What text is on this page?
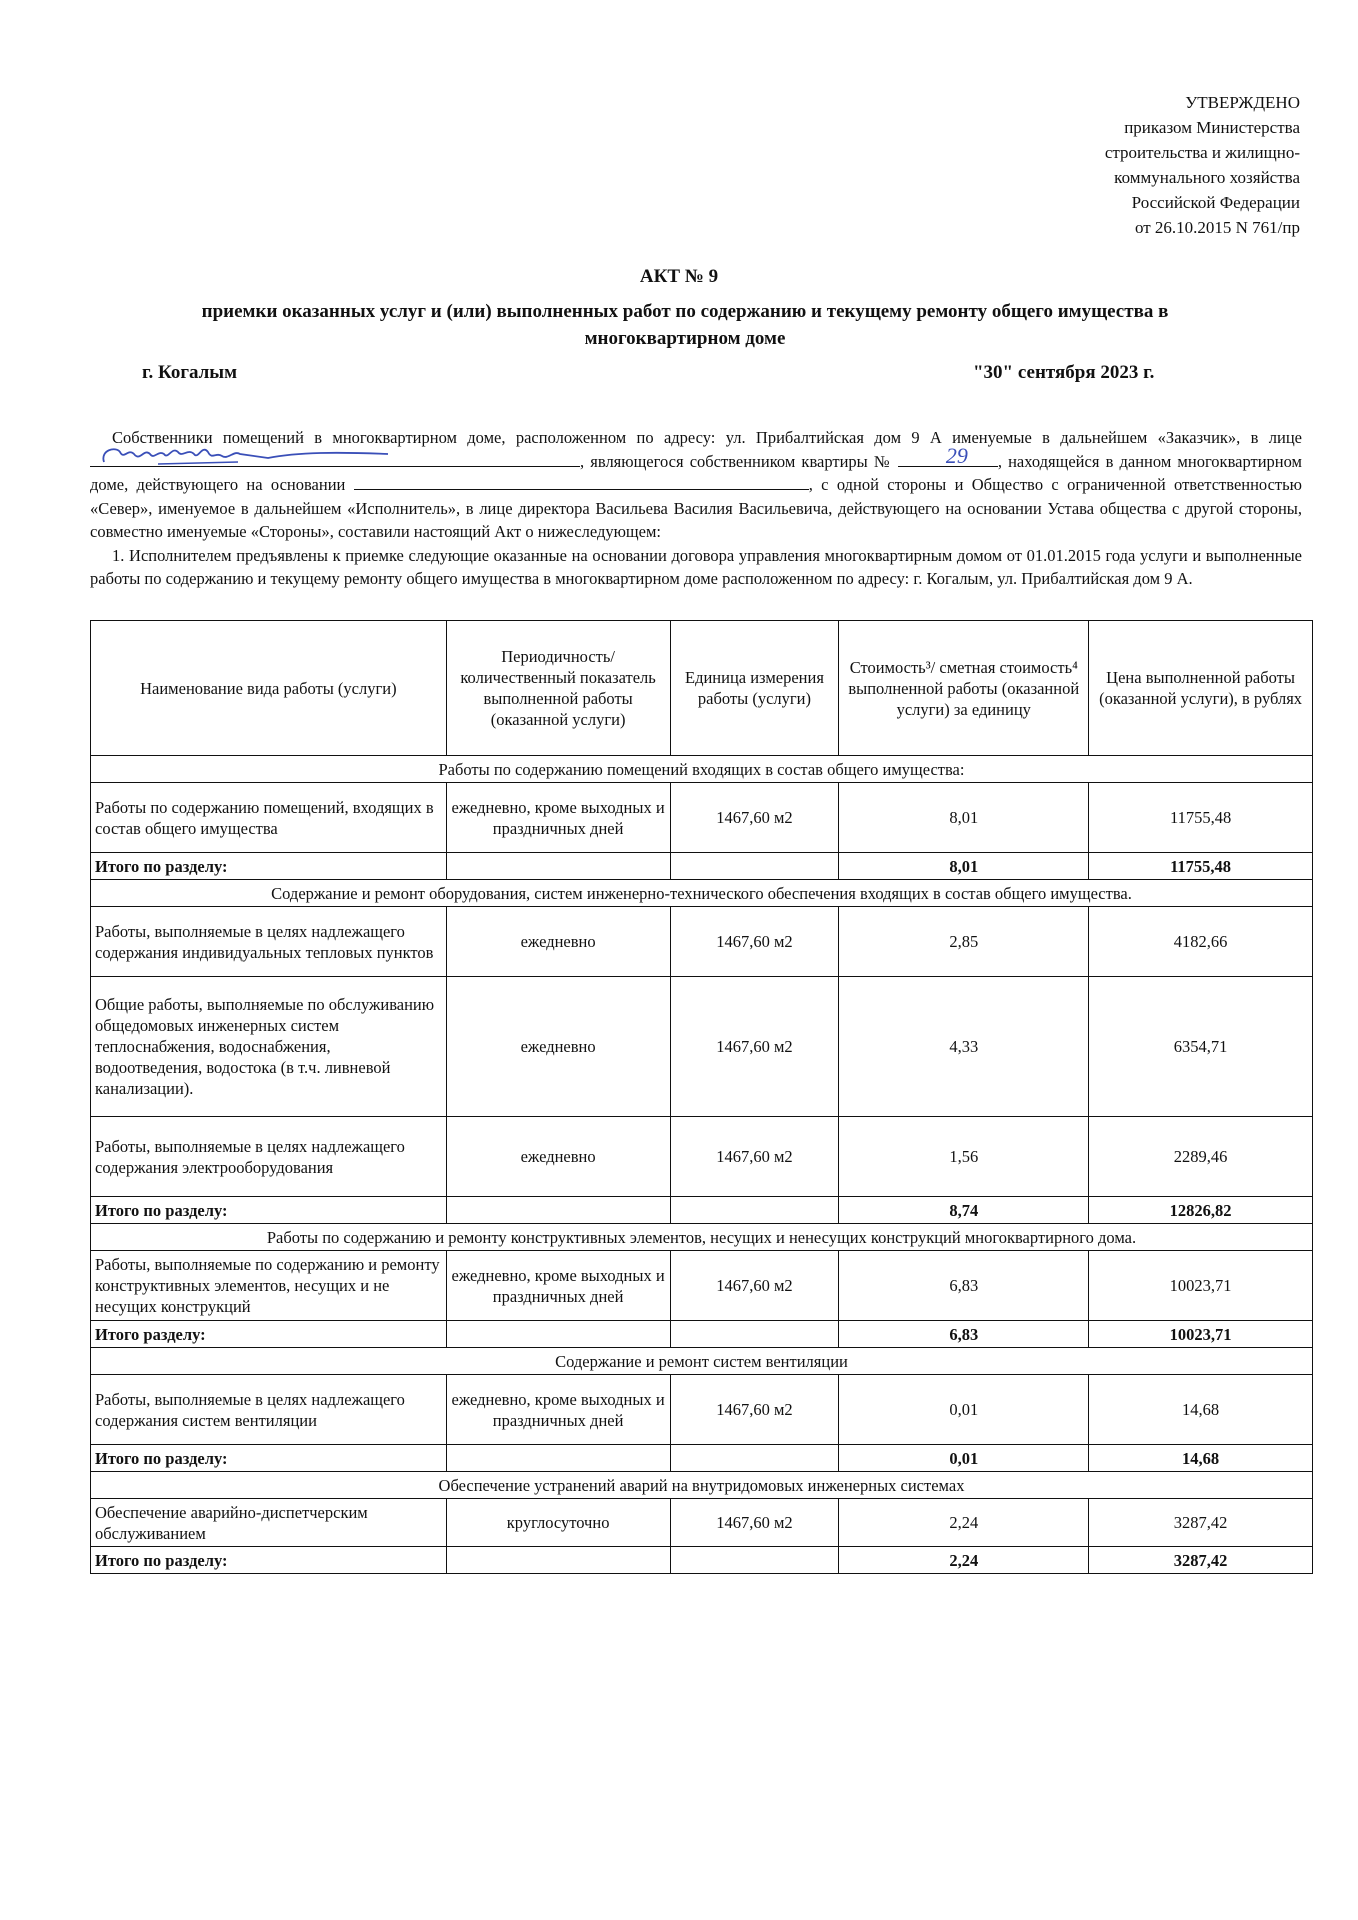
УТВЕРЖДЕНО
приказом Министерства
строительства и жилищно-
коммунального хозяйства
Российской Федерации
от 26.10.2015 N 761/пр
АКТ № 9
приемки оказанных услуг и (или) выполненных работ по содержанию и текущему ремонту общего имущества в многоквартирном доме
г. Когалым	"30" сентября 2023 г.

Собственники помещений в многоквартирном доме, расположенном по адресу: ул. Прибалтийская дом 9 А именуемые в дальнейшем «Заказчик», в лице
, являющегося собственником квартиры №	29 , находящейся в данном многоквартирном доме, действующего на основании	, с одной стороны и Обществo с ограниченной ответственностью «Север», именуемое в дальнейшем «Исполнитель», в лице директора Васильева Василия Васильевича, действующего на основании Устава общества с другой стороны, совместно именуемые «Стороны», составили настоящий Акт о нижеследующем:

1. Исполнителем предъявлены к приемке следующие оказанные на основании договора управления многоквартирным домом от 01.01.2015 года услуги и выполненные работы по содержанию и текущему ремонту общего имущества в многоквартирном доме расположенном по адресу: г. Когалым, ул. Прибалтийская дом 9 А.

Наименование вида работы (услуги)	Периодичность/ количественный показатель выполненной работы (оказанной услуги)	Единица измерения работы (услуги)	Стоимость³/ сметная стоимость⁴ выполненной работы (оказанной услуги) за единицу	Цена выполненной работы (оказанной услуги), в рублях
Работы по содержанию помещений входящих в состав общего имущества:				
Работы по содержанию помещений, входящих в состав общего имущества	ежедневно, кроме выходных и праздничных дней	1467,60 м2	8,01	11755,48
Итого по разделу:			8,01	11755,48
Содержание и ремонт оборудования, систем инженерно-технического обеспечения входящих в состав общего имущества.				
Работы, выполняемые в целях надлежащего содержания индивидуальных тепловых пунктов	ежедневно	1467,60 м2	2,85	4182,66
Общие работы, выполняемые по обслуживанию общедомовых инженерных систем теплоснабжения, водоснабжения, водоотведения, водостока (в т.ч. ливневой канализации).	ежедневно	1467,60 м2	4,33	6354,71
Работы, выполняемые в целях надлежащего содержания электрооборудования	ежедневно	1467,60 м2	1,56	2289,46
Итого по разделу:			8,74	12826,82
Работы по содержанию и ремонту конструктивных элементов, несущих и ненесущих конструкций многоквартирного дома.				
Работы, выполняемые по содержанию и ремонту конструктивных элементов, несущих и не несущих конструкций	ежедневно, кроме выходных и праздничных дней	1467,60 м2	6,83	10023,71
Итого разделу:			6,83	10023,71
Содержание и ремонт систем вентиляции				
Работы, выполняемые в целях надлежащего содержания систем вентиляции	ежедневно, кроме выходных и праздничных дней	1467,60 м2	0,01	14,68
Итого по разделу:			0,01	14,68
Обеспечение устранений аварий на внутридомовых инженерных системах				
Обеспечение аварийно-диспетчерским обслуживанием	круглосуточно	1467,60 м2	2,24	3287,42
Итого по разделу:			2,24	3287,42
